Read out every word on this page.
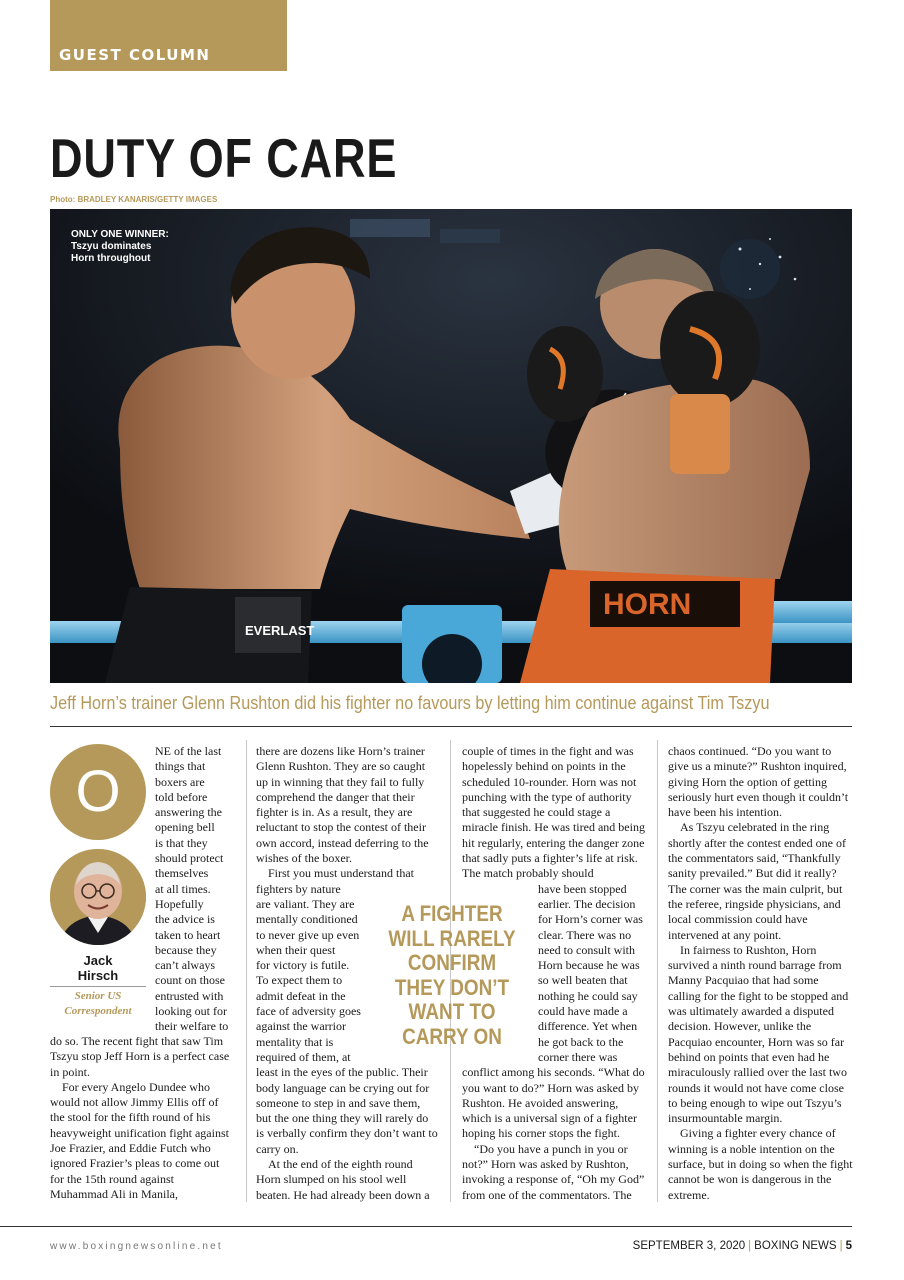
GUEST COLUMN
DUTY OF CARE
Photo: BRADLEY KANARIS/GETTY IMAGES
EVERLAST
HORN
ONLY ONE WINNER:
Tszyu dominates
Horn throughout
Jeff Horn’s trainer Glenn Rushton did his fighter no favours by letting him continue against Tim Tszyu
O
Jack
Hirsch
Senior US
Correspondent
NE of the last
things that
boxers are
told before
answering the
opening bell
is that they
should protect
themselves
at all times.
Hopefully
the advice is
taken to heart
because they
can’t always
count on those
entrusted with
looking out for
their welfare to

do so. The recent fight that saw Tim Tszyu stop Jeff Horn is a perfect case in point.

For every Angelo Dundee who would not allow Jimmy Ellis off of the stool for the fifth round of his heavyweight unification fight against Joe Frazier, and Eddie Futch who ignored Frazier’s pleas to come out for the 15th round against Muhammad Ali in Manila,

there are dozens like Horn’s trainer Glenn Rushton. They are so caught up in winning that they fail to fully comprehend the danger that their fighter is in. As a result, they are reluctant to stop the contest of their own accord, instead deferring to the wishes of the boxer.

First you must understand that

fighters by nature
are valiant. They are
mentally conditioned
to never give up even
when their quest
for victory is futile.
To expect them to
admit defeat in the
face of adversity goes
against the warrior
mentality that is
required of them, at

least in the eyes of the public. Their body language can be crying out for someone to step in and save them, but the one thing they will rarely do is verbally confirm they don’t want to carry on.

At the end of the eighth round Horn slumped on his stool well beaten. He had already been down a

A FIGHTER WILL RARELY CONFIRM THEY DON’T WANT TO CARRY ON

couple of times in the fight and was hopelessly behind on points in the scheduled 10-rounder. Horn was not punching with the type of authority that suggested he could stage a miracle finish. He was tired and being hit regularly, entering the danger zone that sadly puts a fighter’s life at risk. The match probably should

have been stopped
earlier. The decision
for Horn’s corner was
clear. There was no
need to consult with
Horn because he was
so well beaten that
nothing he could say
could have made a
difference. Yet when
he got back to the
corner there was

conflict among his seconds. “What do you want to do?” Horn was asked by Rushton. He avoided answering, which is a universal sign of a fighter hoping his corner stops the fight.

“Do you have a punch in you or not?” Horn was asked by Rushton, invoking a response of, “Oh my God” from one of the commentators. The

chaos continued. “Do you want to give us a minute?” Rushton inquired, giving Horn the option of getting seriously hurt even though it couldn’t have been his intention.

As Tszyu celebrated in the ring shortly after the contest ended one of the commentators said, “Thankfully sanity prevailed.” But did it really? The corner was the main culprit, but the referee, ringside physicians, and local commission could have intervened at any point.

In fairness to Rushton, Horn survived a ninth round barrage from Manny Pacquiao that had some calling for the fight to be stopped and was ultimately awarded a disputed decision. However, unlike the Pacquiao encounter, Horn was so far behind on points that even had he miraculously rallied over the last two rounds it would not have come close to being enough to wipe out Tszyu’s insurmountable margin.

Giving a fighter every chance of winning is a noble intention on the surface, but in doing so when the fight cannot be won is dangerous in the extreme.

www.boxingnewsonline.net	SEPTEMBER 3, 2020 | BOXING NEWS | 5
